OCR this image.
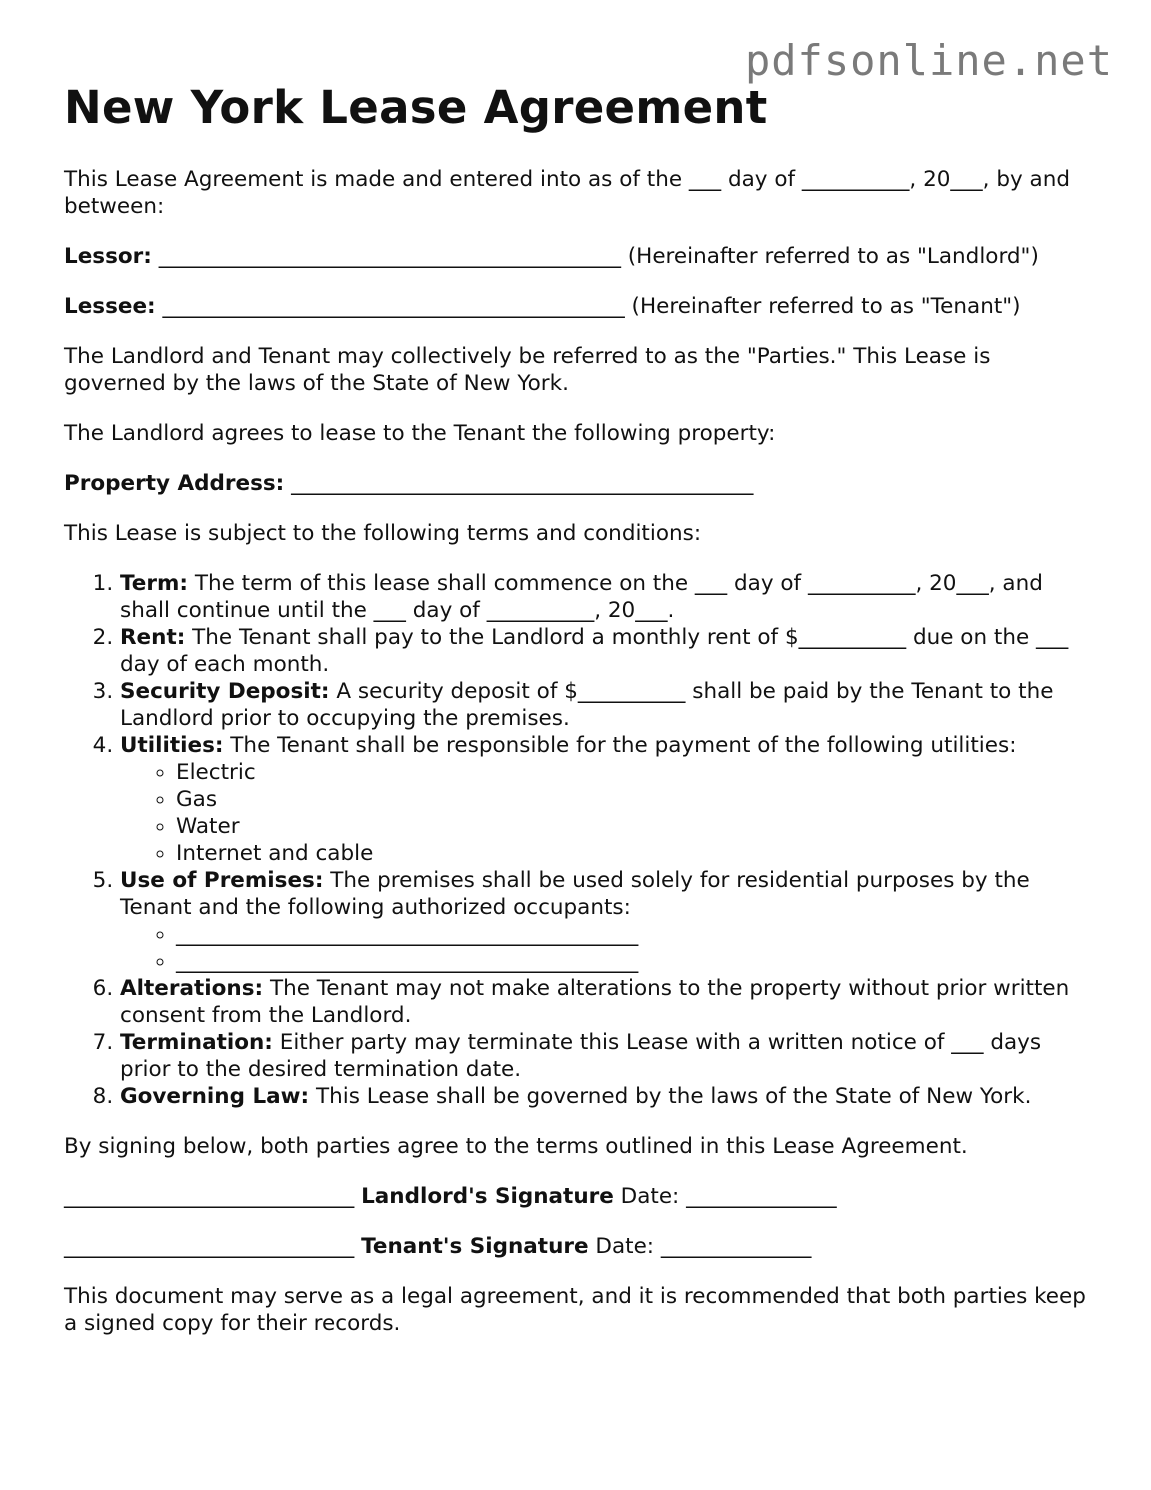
pdfsonline.net
New York Lease Agreement

This Lease Agreement is made and entered into as of the ___ day of __________, 20___, by and between:

Lessor: ___________________________________________ (Hereinafter referred to as "Landlord")

Lessee: ___________________________________________ (Hereinafter referred to as "Tenant")

The Landlord and Tenant may collectively be referred to as the "Parties." This Lease is governed by the laws of the State of New York.

The Landlord agrees to lease to the Tenant the following property:

Property Address: ___________________________________________

This Lease is subject to the following terms and conditions:

1. Term: The term of this lease shall commence on the ___ day of __________, 20___, and shall continue until the ___ day of __________, 20___.
2. Rent: The Tenant shall pay to the Landlord a monthly rent of $__________ due on the ___ day of each month.
3. Security Deposit: A security deposit of $__________ shall be paid by the Tenant to the Landlord prior to occupying the premises.
4. Utilities: The Tenant shall be responsible for the payment of the following utilities:
◦ Electric
◦ Gas
◦ Water
◦ Internet and cable
5. Use of Premises: The premises shall be used solely for residential purposes by the Tenant and the following authorized occupants:
◦ ___________________________________________
◦ ___________________________________________
6. Alterations: The Tenant may not make alterations to the property without prior written consent from the Landlord.
7. Termination: Either party may terminate this Lease with a written notice of ___ days prior to the desired termination date.
8. Governing Law: This Lease shall be governed by the laws of the State of New York.

By signing below, both parties agree to the terms outlined in this Lease Agreement.

___________________________ Landlord's Signature Date: ______________
___________________________ Tenant's Signature Date: ______________

This document may serve as a legal agreement, and it is recommended that both parties keep a signed copy for their records.
